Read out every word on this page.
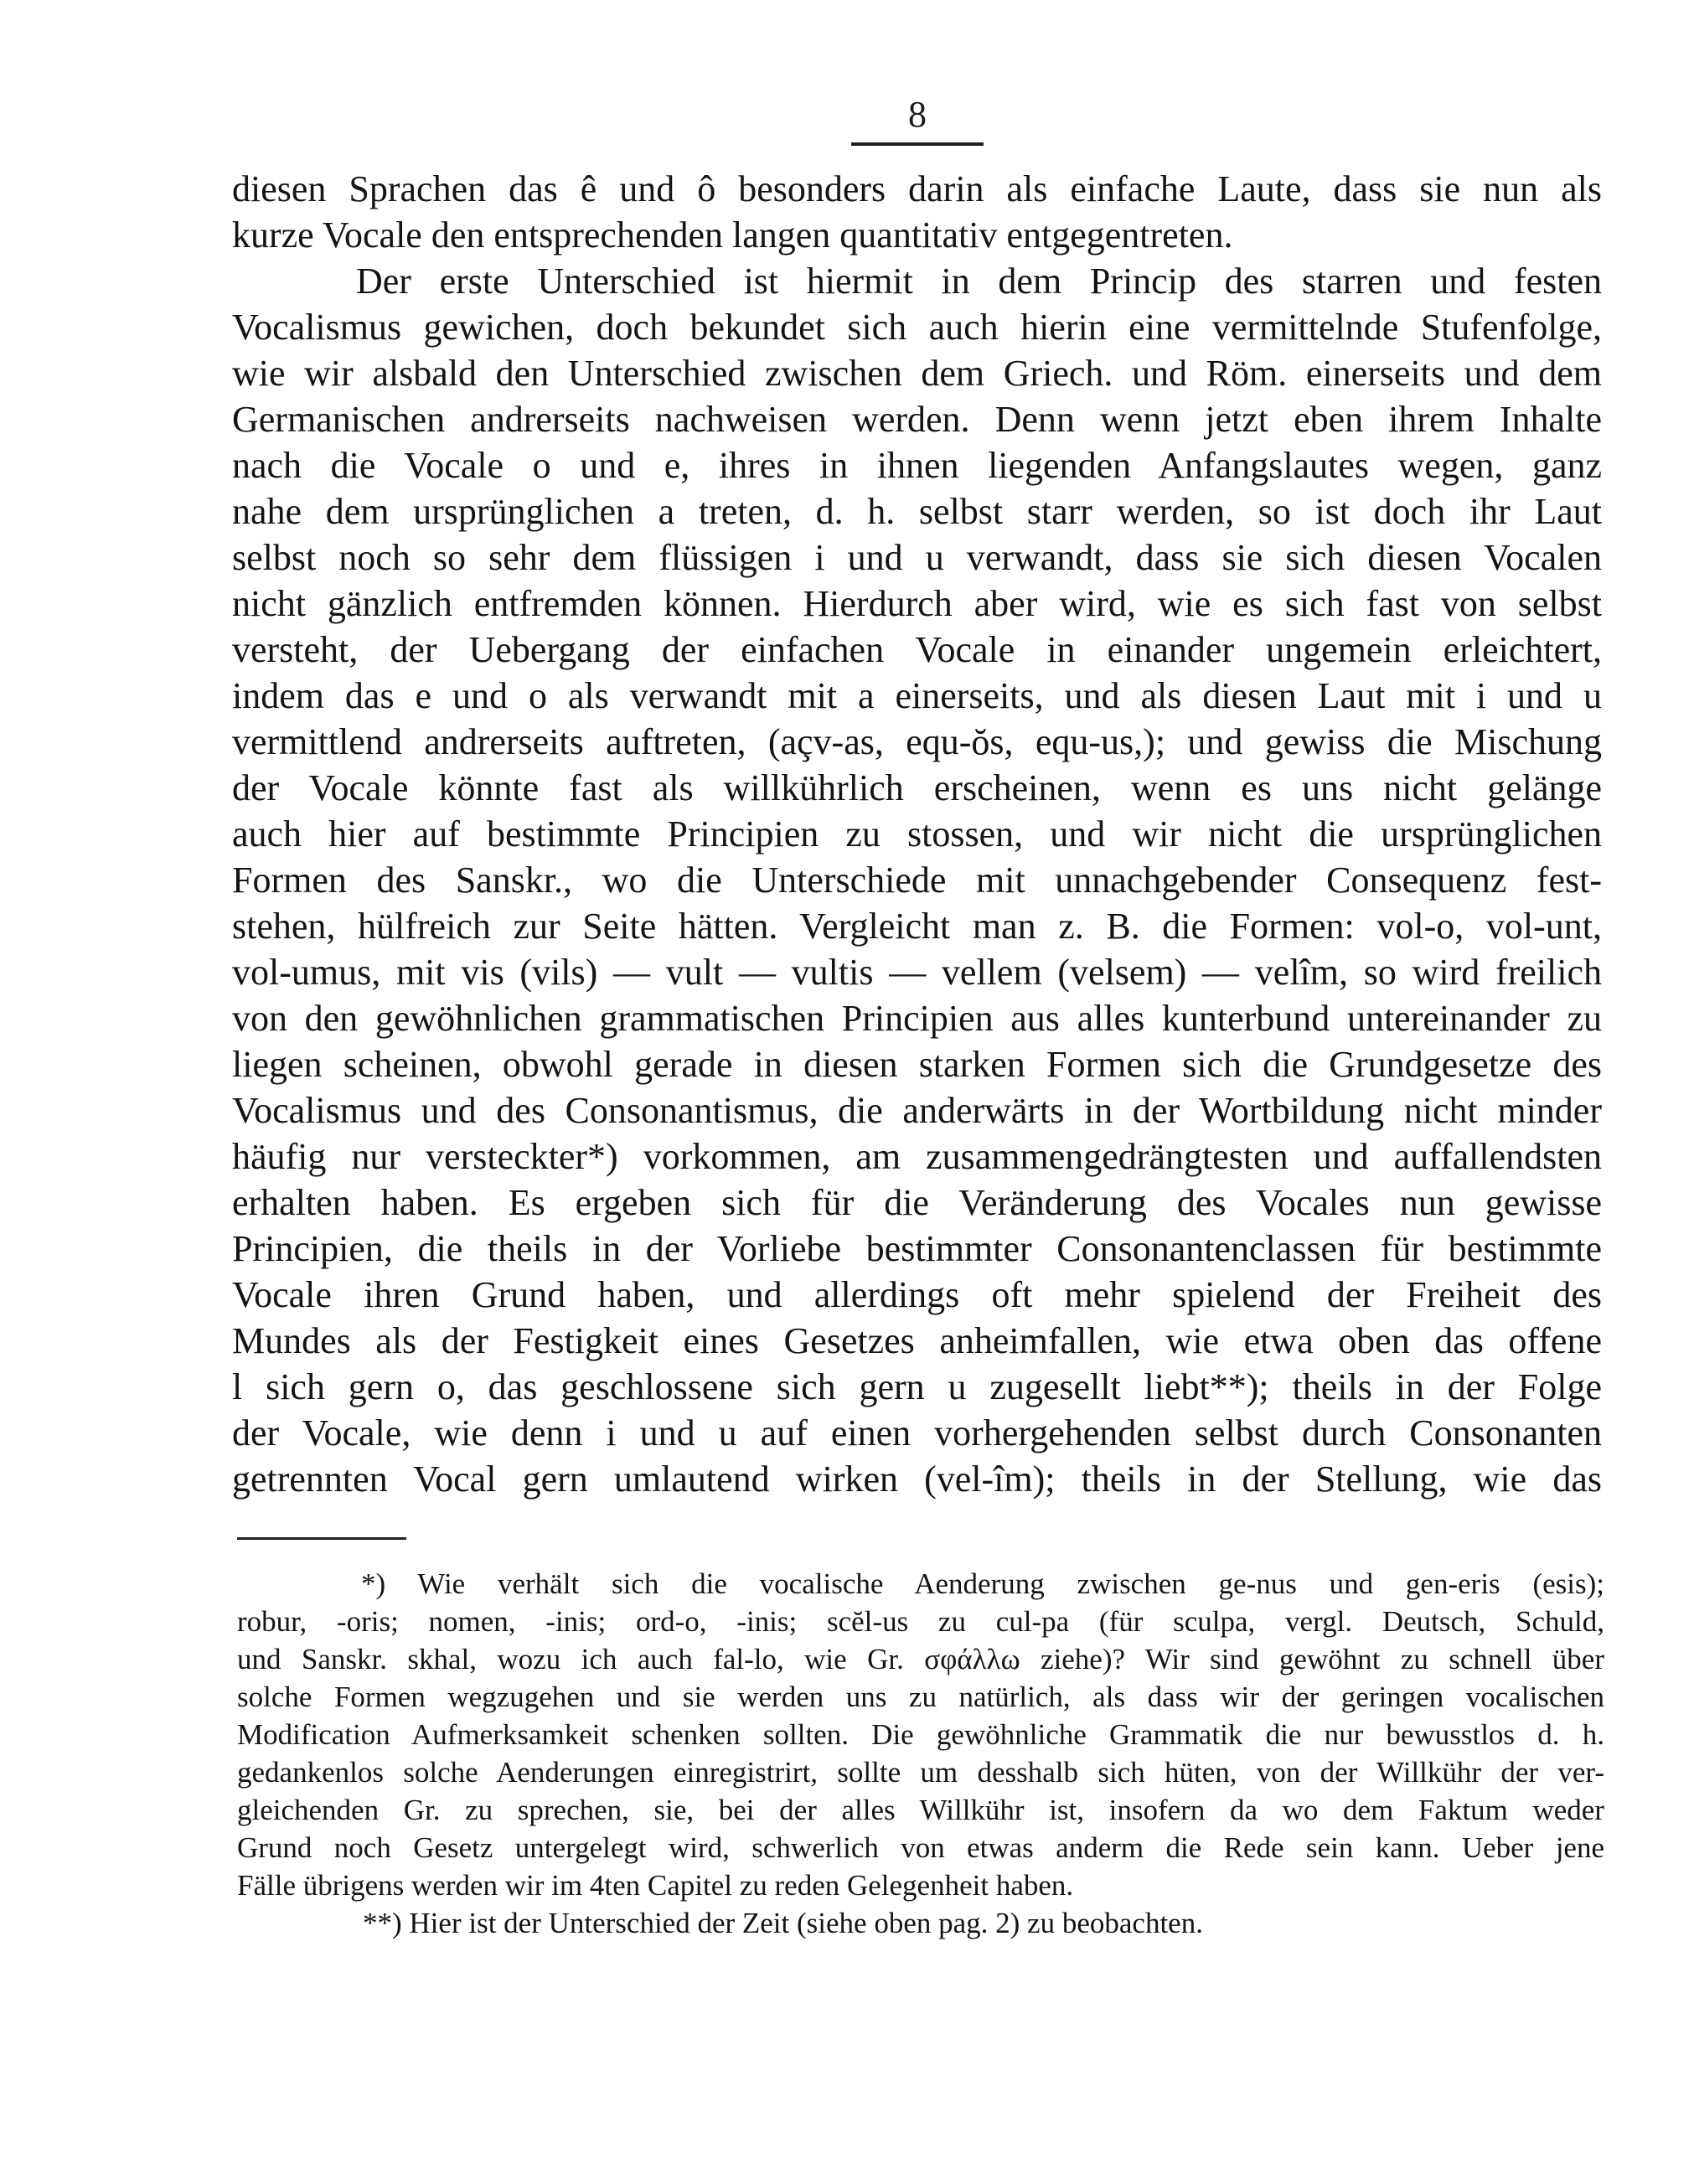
8
diesen Sprachen das ê und ô besonders darin als einfache Laute, dass sie nun als
kurze Vocale den entsprechenden langen quantitativ entgegentreten.
Der erste Unterschied ist hiermit in dem Princip des starren und festen
Vocalismus gewichen, doch bekundet sich auch hierin eine vermittelnde Stufenfolge,
wie wir alsbald den Unterschied zwischen dem Griech. und Röm. einerseits und dem
Germanischen andrerseits nachweisen werden. Denn wenn jetzt eben ihrem Inhalte
nach die Vocale o und e, ihres in ihnen liegenden Anfangslautes wegen, ganz
nahe dem ursprünglichen a treten, d. h. selbst starr werden, so ist doch ihr Laut
selbst noch so sehr dem flüssigen i und u verwandt, dass sie sich diesen Vocalen
nicht gänzlich entfremden können. Hierdurch aber wird, wie es sich fast von selbst
versteht, der Uebergang der einfachen Vocale in einander ungemein erleichtert,
indem das e und o als verwandt mit a einerseits, und als diesen Laut mit i und u
vermittlend andrerseits auftreten, (açv-as, equ-ŏs, equ-us,); und gewiss die Mischung
der Vocale könnte fast als willkührlich erscheinen, wenn es uns nicht gelänge
auch hier auf bestimmte Principien zu stossen, und wir nicht die ursprünglichen
Formen des Sanskr., wo die Unterschiede mit unnachgebender Consequenz fest-
stehen, hülfreich zur Seite hätten. Vergleicht man z. B. die Formen: vol-o, vol-unt,
vol-umus, mit vis (vils) — vult — vultis — vellem (velsem) — velîm, so wird freilich
von den gewöhnlichen grammatischen Principien aus alles kunterbund untereinander zu
liegen scheinen, obwohl gerade in diesen starken Formen sich die Grundgesetze des
Vocalismus und des Consonantismus, die anderwärts in der Wortbildung nicht minder
häufig nur versteckter*) vorkommen, am zusammengedrängtesten und auffallendsten
erhalten haben. Es ergeben sich für die Veränderung des Vocales nun gewisse
Principien, die theils in der Vorliebe bestimmter Consonantenclassen für bestimmte
Vocale ihren Grund haben, und allerdings oft mehr spielend der Freiheit des
Mundes als der Festigkeit eines Gesetzes anheimfallen, wie etwa oben das offene
l sich gern o, das geschlossene sich gern u zugesellt liebt**); theils in der Folge
der Vocale, wie denn i und u auf einen vorhergehenden selbst durch Consonanten
getrennten Vocal gern umlautend wirken (vel-îm); theils in der Stellung, wie das
*) Wie verhält sich die vocalische Aenderung zwischen ge-nus und gen-eris (esis);
robur, -oris; nomen, -inis; ord-o, -inis; scĕl-us zu cul-pa (für sculpa, vergl. Deutsch, Schuld,
und Sanskr. skhal, wozu ich auch fal-lo, wie Gr. σφάλλω ziehe)? Wir sind gewöhnt zu schnell über
solche Formen wegzugehen und sie werden uns zu natürlich, als dass wir der geringen vocalischen
Modification Aufmerksamkeit schenken sollten. Die gewöhnliche Grammatik die nur bewusstlos d. h.
gedankenlos solche Aenderungen einregistrirt, sollte um desshalb sich hüten, von der Willkühr der ver-
gleichenden Gr. zu sprechen, sie, bei der alles Willkühr ist, insofern da wo dem Faktum weder
Grund noch Gesetz untergelegt wird, schwerlich von etwas anderm die Rede sein kann. Ueber jene
Fälle übrigens werden wir im 4ten Capitel zu reden Gelegenheit haben.
**) Hier ist der Unterschied der Zeit (siehe oben pag. 2) zu beobachten.
